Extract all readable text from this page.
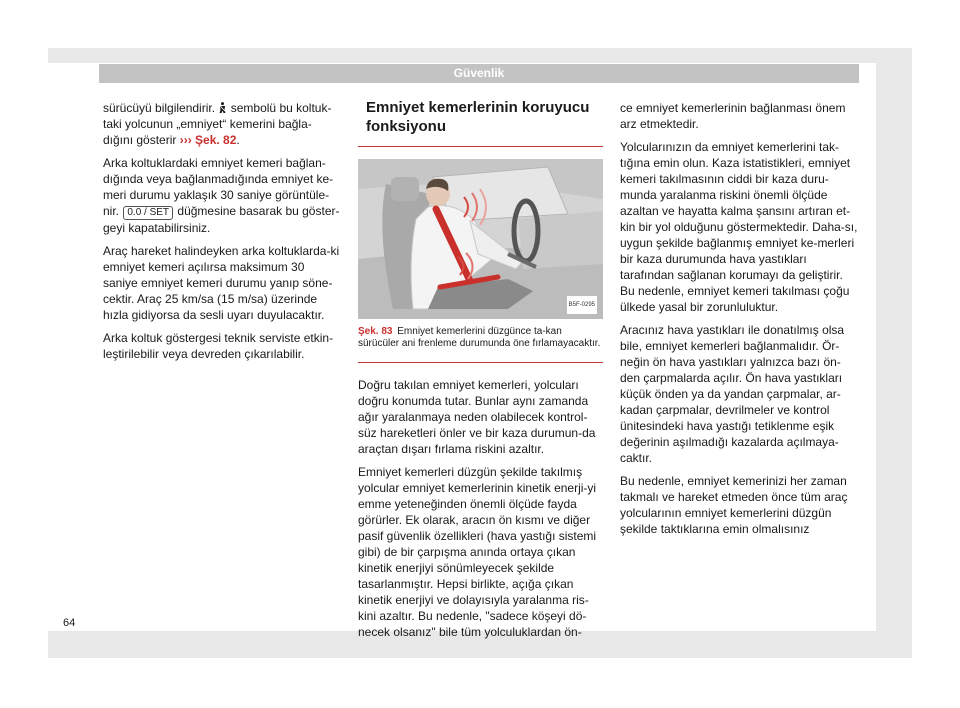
Güvenlik

sürücüyü bilgilendirir. sembolü bu koltuk-taki yolcunun „emniyet“ kemerini bağla-dığını gösterir ››› Şek. 82.

Arka koltuklardaki emniyet kemeri bağlan-dığında veya bağlanmadığında emniyet ke-meri durumu yaklaşık 30 saniye görüntüle-nir. 0.0 / SET düğmesine basarak bu göster-geyi kapatabilirsiniz.

Araç hareket halindeyken arka koltuklarda-ki emniyet kemeri açılırsa maksimum 30 saniye emniyet kemeri durumu yanıp söne-cektir. Araç 25 km/sa (15 m/sa) üzerinde hızla gidiyorsa da sesli uyarı duyulacaktır.

Arka koltuk göstergesi teknik serviste etkin-leştirilebilir veya devreden çıkarılabilir.

Emniyet kemerlerinin koruyucu fonksiyonu
B5F-0295

Şek. 83 Emniyet kemerlerini düzgünce ta-kan sürücüler ani frenleme durumunda öne fırlamayacaktır.

Doğru takılan emniyet kemerleri, yolcuları doğru konumda tutar. Bunlar aynı zamanda ağır yaralanmaya neden olabilecek kontrol-süz hareketleri önler ve bir kaza durumun-da araçtan dışarı fırlama riskini azaltır.

Emniyet kemerleri düzgün şekilde takılmış yolcular emniyet kemerlerinin kinetik enerji-yi emme yeteneğinden önemli ölçüde fayda görürler. Ek olarak, aracın ön kısmı ve diğer pasif güvenlik özellikleri (hava yastığı sistemi gibi) de bir çarpışma anında ortaya çıkan kinetik enerjiyi sönümleyecek şekilde tasarlanmıştır. Hepsi birlikte, açığa çıkan kinetik enerjiyi ve dolayısıyla yaralanma ris-kini azaltır. Bu nedenle, "sadece köşeyi dö-necek olsanız" bile tüm yolculuklardan ön-

ce emniyet kemerlerinin bağlanması önem arz etmektedir.

Yolcularınızın da emniyet kemerlerini tak-tığına emin olun. Kaza istatistikleri, emniyet kemeri takılmasının ciddi bir kaza duru-munda yaralanma riskini önemli ölçüde azaltan ve hayatta kalma şansını artıran et-kin bir yol olduğunu göstermektedir. Daha-sı, uygun şekilde bağlanmış emniyet ke-merleri bir kaza durumunda hava yastıkları tarafından sağlanan korumayı da geliştirir. Bu nedenle, emniyet kemeri takılması çoğu ülkede yasal bir zorunluluktur.

Aracınız hava yastıkları ile donatılmış olsa bile, emniyet kemerleri bağlanmalıdır. Ör-neğin ön hava yastıkları yalnızca bazı ön-den çarpmalarda açılır. Ön hava yastıkları küçük önden ya da yandan çarpmalar, ar-kadan çarpmalar, devrilmeler ve kontrol ünitesindeki hava yastığı tetiklenme eşik değerinin aşılmadığı kazalarda açılmaya-caktır.

Bu nedenle, emniyet kemerinizi her zaman takmalı ve hareket etmeden önce tüm araç yolcularının emniyet kemerlerini düzgün şekilde taktıklarına emin olmalısınız

64
